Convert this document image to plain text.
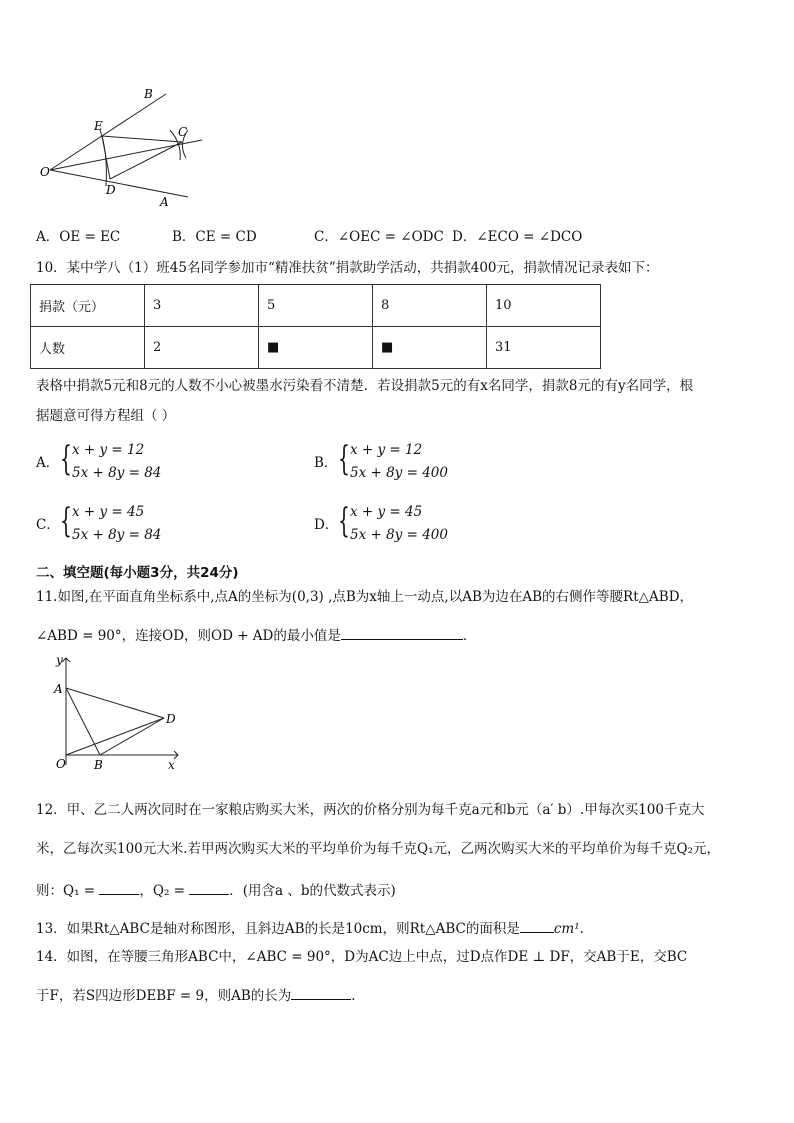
B
E	C
O
D
A
A．OE = EC	B．CE = CD	C．∠OEC = ∠ODC D．∠ECO = ∠DCO
10．某中学八（1）班45名同学参加市“精准扶贫”捐款助学活动，共捐款400元，捐款情况记录表如下：
捐款（元）	3	5	8	10
人数	2	■	■	31
表格中捐款5元和8元的人数不小心被墨水污染看不清楚．若设捐款5元的有x名同学，捐款8元的有y名同学，根
据题意可得方程组（ ）
A． { x + y = 12
5x + 8y = 84
B． { x + y = 12
5x + 8y = 400
C． { x + y = 45
5x + 8y = 84
D． { x + y = 45
5x + 8y = 400
二、填空题(每小题3分，共24分)
11.如图,在平面直角坐标系中,点A的坐标为(0,3) ,点B为x轴上一动点,以AB为边在AB的右侧作等腰Rt△ABD，
∠ABD = 90°，连接OD，则OD + AD的最小值是	．
y
A
D
O B	x
12．甲、乙二人两次同时在一家粮店购买大米，两次的价格分别为每千克a元和b元（a′ b）.甲每次买100千克大
米，乙每次买100元大米.若甲两次购买大米的平均单价为每千克Q₁元，乙两次购买大米的平均单价为每千克Q₂元，
则：Q₁ =	，Q₂ =	．(用含a 、b的代数式表示)
13．如果Rt△ABC是轴对称图形，且斜边AB的长是10cm，则Rt△ABC的面积是	cm¹.
14．如图，在等腰三角形ABC中，∠ABC = 90°，D为AC边上中点，过D点作DE ⊥ DF，交AB于E，交BC
于F，若S四边形DEBF = 9，则AB的长为	.
